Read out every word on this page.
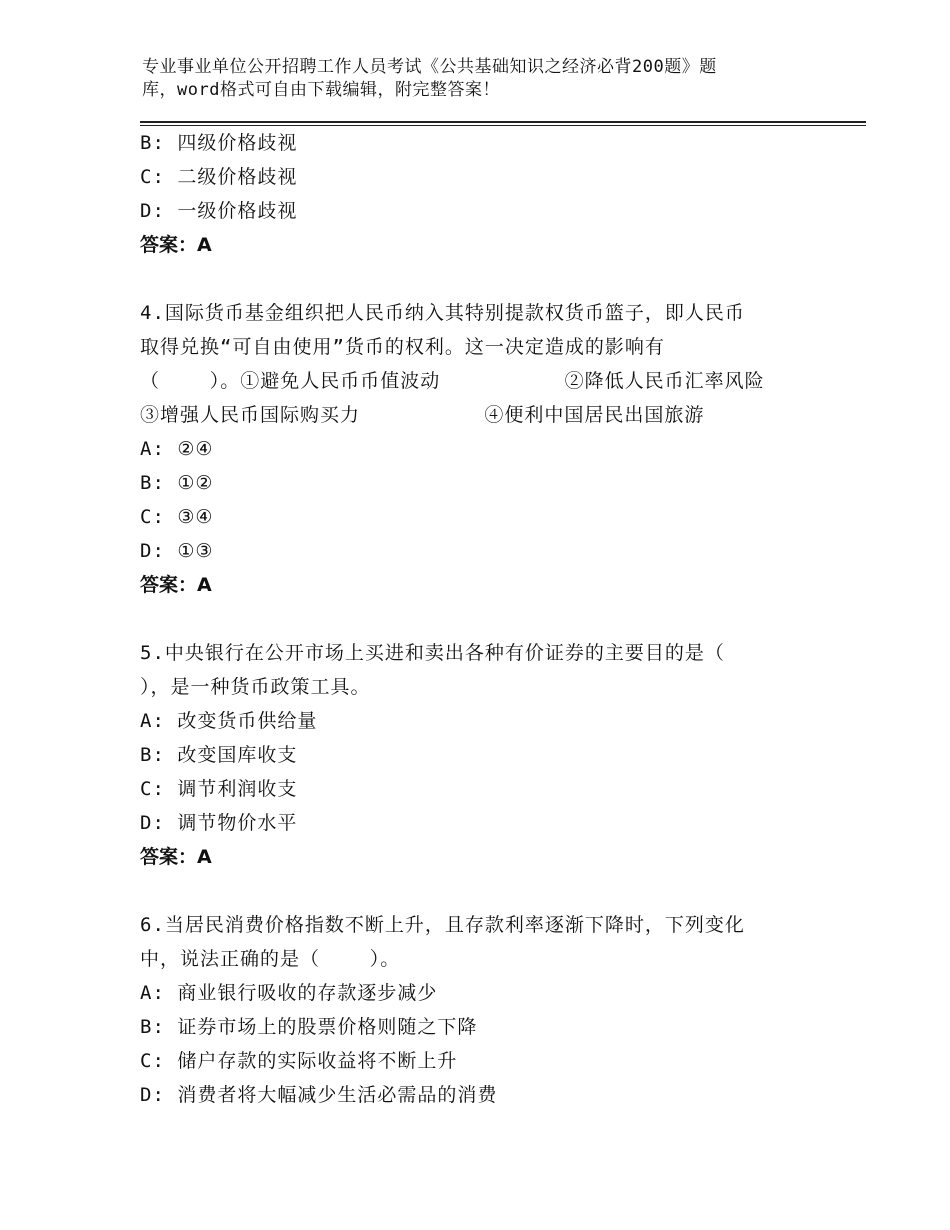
专业事业单位公开招聘工作人员考试《公共基础知识之经济必背200题》题
库，word格式可自由下载编辑，附完整答案！
B: 四级价格歧视
C: 二级价格歧视
D: 一级价格歧视
答案：A
4.国际货币基金组织把人民币纳入其特别提款权货币篮子，即人民币
取得兑换“可自由使用”货币的权利。这一决定造成的影响有
（    ）。①避免人民币币值波动          ②降低人民币汇率风险
③增强人民币国际购买力          ④便利中国居民出国旅游
A: ②④
B: ①②
C: ③④
D: ①③
答案：A
5.中央银行在公开市场上买进和卖出各种有价证券的主要目的是（
），是一种货币政策工具。
A: 改变货币供给量
B: 改变国库收支
C: 调节利润收支
D: 调节物价水平
答案：A
6.当居民消费价格指数不断上升，且存款利率逐渐下降时，下列变化
中，说法正确的是（    ）。
A: 商业银行吸收的存款逐步减少
B: 证券市场上的股票价格则随之下降
C: 储户存款的实际收益将不断上升
D: 消费者将大幅减少生活必需品的消费
